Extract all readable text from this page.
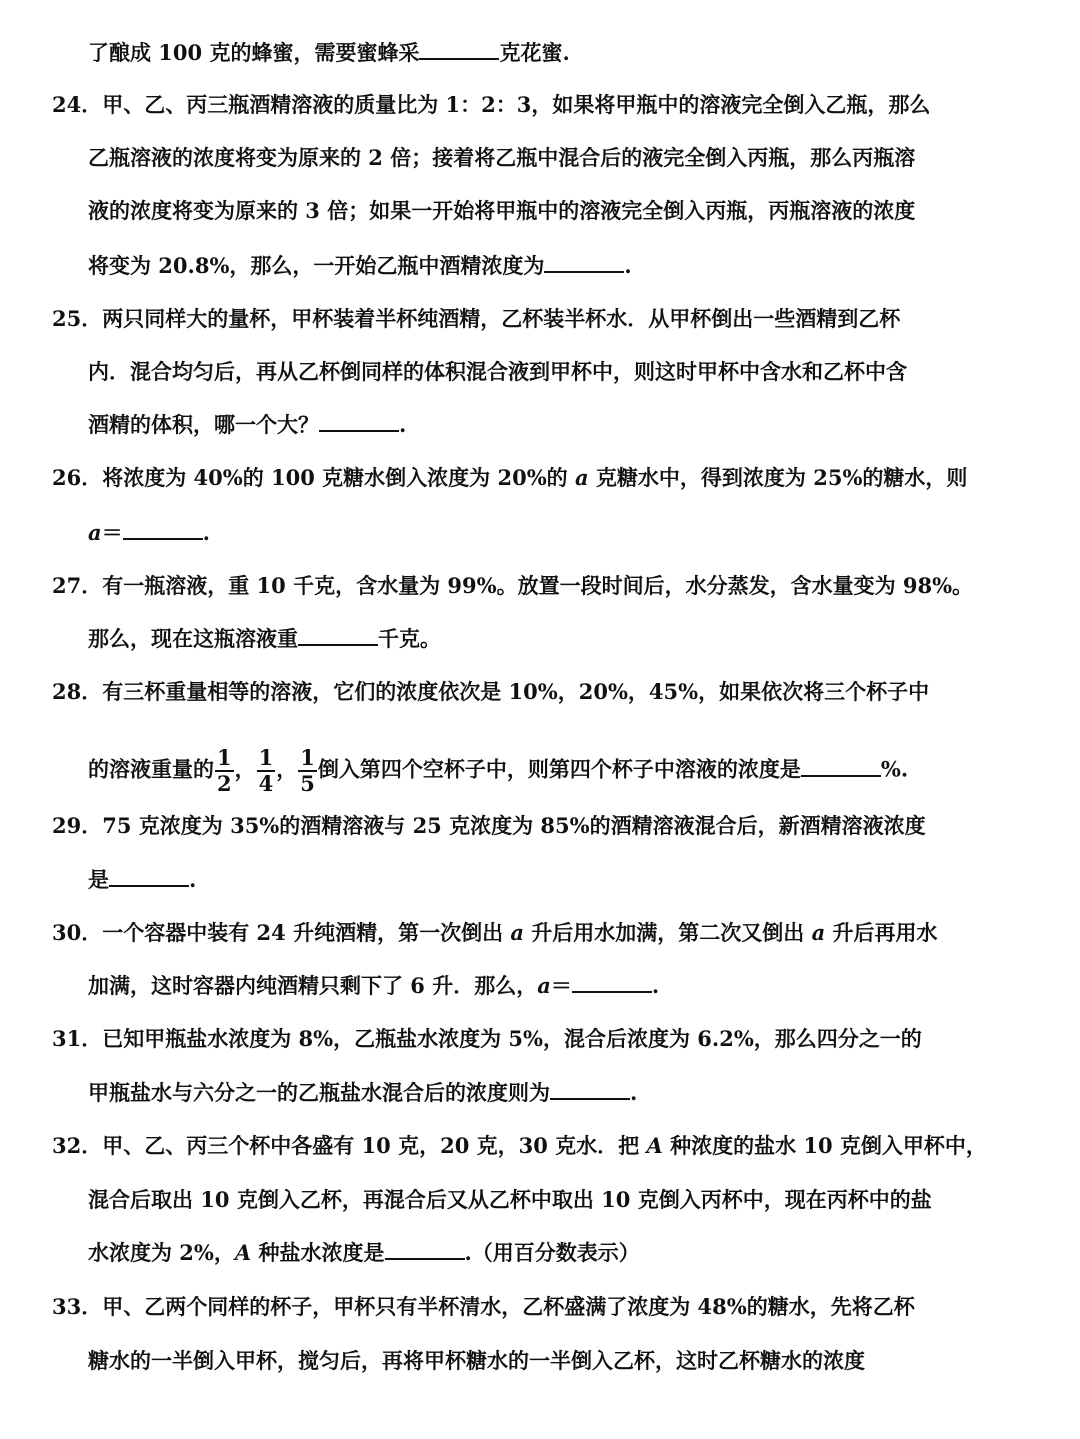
了酿成 100 克的蜂蜜，需要蜜蜂采	克花蜜.
24．甲、乙、丙三瓶酒精溶液的质量比为 1：2：3，如果将甲瓶中的溶液完全倒入乙瓶，那么
乙瓶溶液的浓度将变为原来的 2 倍；接着将乙瓶中混合后的液完全倒入丙瓶，那么丙瓶溶
液的浓度将变为原来的 3 倍；如果一开始将甲瓶中的溶液完全倒入丙瓶，丙瓶溶液的浓度
将变为 20.8%，那么，一开始乙瓶中酒精浓度为	.
25．两只同样大的量杯，甲杯装着半杯纯酒精，乙杯装半杯水．从甲杯倒出一些酒精到乙杯
内．混合均匀后，再从乙杯倒同样的体积混合液到甲杯中，则这时甲杯中含水和乙杯中含
酒精的体积，哪一个大？	.
26．将浓度为 40%的 100 克糖水倒入浓度为 20%的 a 克糖水中，得到浓度为 25%的糖水，则
a＝	.
27．有一瓶溶液，重 10 千克，含水量为 99%。放置一段时间后，水分蒸发，含水量变为 98%。
那么，现在这瓶溶液重	千克。
28．有三杯重量相等的溶液，它们的浓度依次是 10%，20%，45%，如果依次将三个杯子中
的溶液重量的 $\frac{1}{2}$ ， $\frac{1}{4}$ ， $\frac{1}{5}$ 倒入第四个空杯子中，则第四个杯子中溶液的浓度是	%.
29．75 克浓度为 35%的酒精溶液与 25 克浓度为 85%的酒精溶液混合后，新酒精溶液浓度
是	.
30．一个容器中装有 24 升纯酒精，第一次倒出 a 升后用水加满，第二次又倒出 a 升后再用水
加满，这时容器内纯酒精只剩下了 6 升．那么，a＝	.
31．已知甲瓶盐水浓度为 8%，乙瓶盐水浓度为 5%，混合后浓度为 6.2%，那么四分之一的
甲瓶盐水与六分之一的乙瓶盐水混合后的浓度则为	.
32．甲、乙、丙三个杯中各盛有 10 克，20 克，30 克水．把 A 种浓度的盐水 10 克倒入甲杯中，
混合后取出 10 克倒入乙杯，再混合后又从乙杯中取出 10 克倒入丙杯中，现在丙杯中的盐
水浓度为 2%，A 种盐水浓度是	.（用百分数表示）
33．甲、乙两个同样的杯子，甲杯只有半杯清水，乙杯盛满了浓度为 48%的糖水，先将乙杯
糖水的一半倒入甲杯，搅匀后，再将甲杯糖水的一半倒入乙杯，这时乙杯糖水的浓度
